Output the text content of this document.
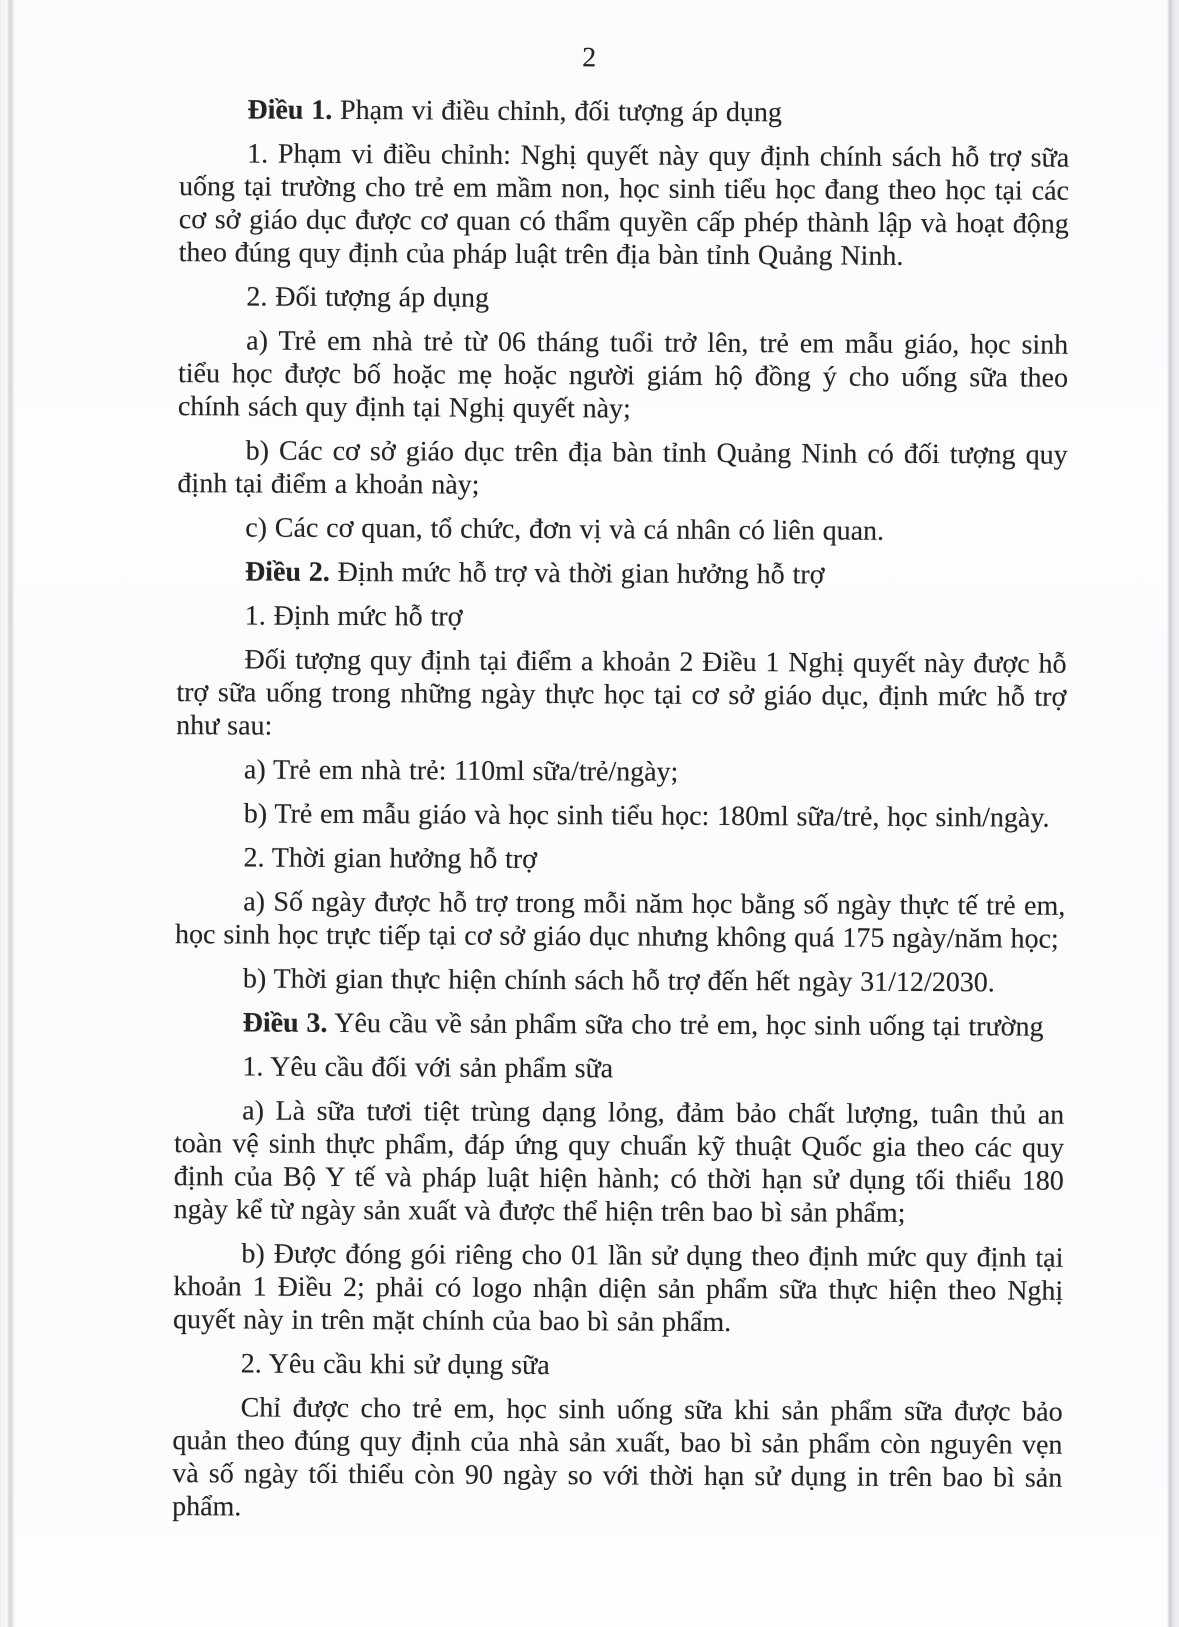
2

Điều 1. Phạm vi điều chỉnh, đối tượng áp dụng

1. Phạm vi điều chỉnh: Nghị quyết này quy định chính sách hỗ trợ sữa uống tại trường cho trẻ em mầm non, học sinh tiểu học đang theo học tại các cơ sở giáo dục được cơ quan có thẩm quyền cấp phép thành lập và hoạt động theo đúng quy định của pháp luật trên địa bàn tỉnh Quảng Ninh.

2. Đối tượng áp dụng

a) Trẻ em nhà trẻ từ 06 tháng tuổi trở lên, trẻ em mẫu giáo, học sinh tiểu học được bố hoặc mẹ hoặc người giám hộ đồng ý cho uống sữa theo chính sách quy định tại Nghị quyết này;

b) Các cơ sở giáo dục trên địa bàn tỉnh Quảng Ninh có đối tượng quy định tại điểm a khoản này;

c) Các cơ quan, tổ chức, đơn vị và cá nhân có liên quan.

Điều 2. Định mức hỗ trợ và thời gian hưởng hỗ trợ

1. Định mức hỗ trợ

Đối tượng quy định tại điểm a khoản 2 Điều 1 Nghị quyết này được hỗ trợ sữa uống trong những ngày thực học tại cơ sở giáo dục, định mức hỗ trợ như sau:

a) Trẻ em nhà trẻ: 110ml sữa/trẻ/ngày;

b) Trẻ em mẫu giáo và học sinh tiểu học: 180ml sữa/trẻ, học sinh/ngày.

2. Thời gian hưởng hỗ trợ

a) Số ngày được hỗ trợ trong mỗi năm học bằng số ngày thực tế trẻ em, học sinh học trực tiếp tại cơ sở giáo dục nhưng không quá 175 ngày/năm học;

b) Thời gian thực hiện chính sách hỗ trợ đến hết ngày 31/12/2030.

Điều 3. Yêu cầu về sản phẩm sữa cho trẻ em, học sinh uống tại trường

1. Yêu cầu đối với sản phẩm sữa

a) Là sữa tươi tiệt trùng dạng lỏng, đảm bảo chất lượng, tuân thủ an toàn vệ sinh thực phẩm, đáp ứng quy chuẩn kỹ thuật Quốc gia theo các quy định của Bộ Y tế và pháp luật hiện hành; có thời hạn sử dụng tối thiểu 180 ngày kể từ ngày sản xuất và được thể hiện trên bao bì sản phẩm;

b) Được đóng gói riêng cho 01 lần sử dụng theo định mức quy định tại khoản 1 Điều 2; phải có logo nhận diện sản phẩm sữa thực hiện theo Nghị quyết này in trên mặt chính của bao bì sản phẩm.

2. Yêu cầu khi sử dụng sữa

Chỉ được cho trẻ em, học sinh uống sữa khi sản phẩm sữa được bảo quản theo đúng quy định của nhà sản xuất, bao bì sản phẩm còn nguyên vẹn và số ngày tối thiểu còn 90 ngày so với thời hạn sử dụng in trên bao bì sản phẩm.
